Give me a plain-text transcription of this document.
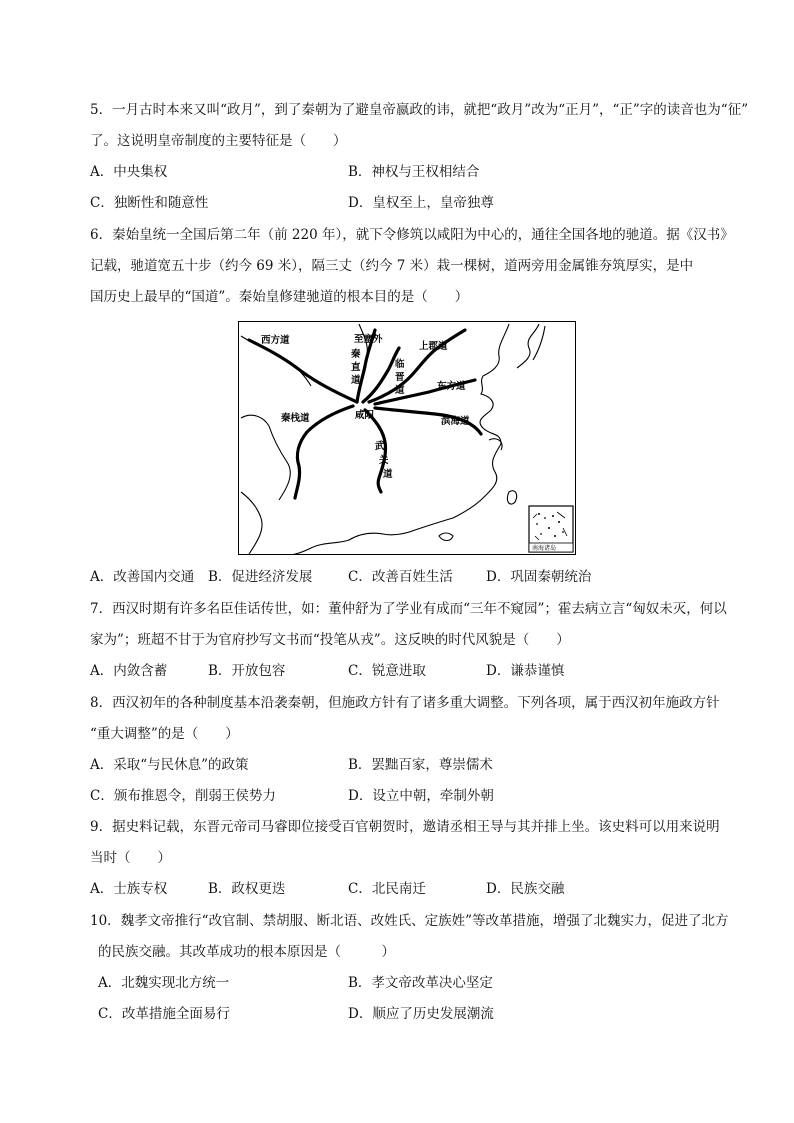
5．一月古时本来又叫“政月”，到了秦朝为了避皇帝嬴政的讳，就把“政月”改为“正月”，“正”字的读音也为“征”
了。这说明皇帝制度的主要特征是（　　）
A．中央集权	B．神权与王权相结合
C．独断性和随意性	D．皇权至上，皇帝独尊
6．秦始皇统一全国后第二年（前 220 年），就下令修筑以咸阳为中心的，通往全国各地的驰道。据《汉书》
记载，驰道宽五十步（约今 69 米），隔三丈（约今 7 米）栽一棵树，道两旁用金属锥夯筑厚实，是中
国历史上最早的“国道”。秦始皇修建驰道的根本目的是（　　）
西方道	至塞外
秦
直
道
临
晋
道
上郡道
东方道
秦栈道	咸阳
滨海道
武
关
道
南海诸岛
A．改善国内交通 B．促进经济发展	C．改善百姓生活 D．巩固秦朝统治
7．西汉时期有许多名臣佳话传世，如：董仲舒为了学业有成而“三年不窥园”；霍去病立言“匈奴未灭，何以
家为”；班超不甘于为官府抄写文书而“投笔从戎”。这反映的时代风貌是（　　）
A．内敛含蓄	B．开放包容	C．锐意进取	D．谦恭谨慎
8．西汉初年的各种制度基本沿袭秦朝，但施政方针有了诸多重大调整。下列各项，属于西汉初年施政方针
“重大调整”的是（　　）
A．采取“与民休息”的政策	B．罢黜百家，尊崇儒术
C．颁布推恩令，削弱王侯势力	D．设立中朝，牵制外朝
9．据史料记载，东晋元帝司马睿即位接受百官朝贺时，邀请丞相王导与其并排上坐。该史料可以用来说明
当时（　　）
A．士族专权	B．政权更迭	C．北民南迁	D．民族交融
10．魏孝文帝推行“改官制、禁胡服、断北语、改姓氏、定族姓”等改革措施，增强了北魏实力，促进了北方
的民族交融。其改革成功的根本原因是（　　　）
A．北魏实现北方统一	B．孝文帝改革决心坚定
C．改革措施全面易行	D．顺应了历史发展潮流
